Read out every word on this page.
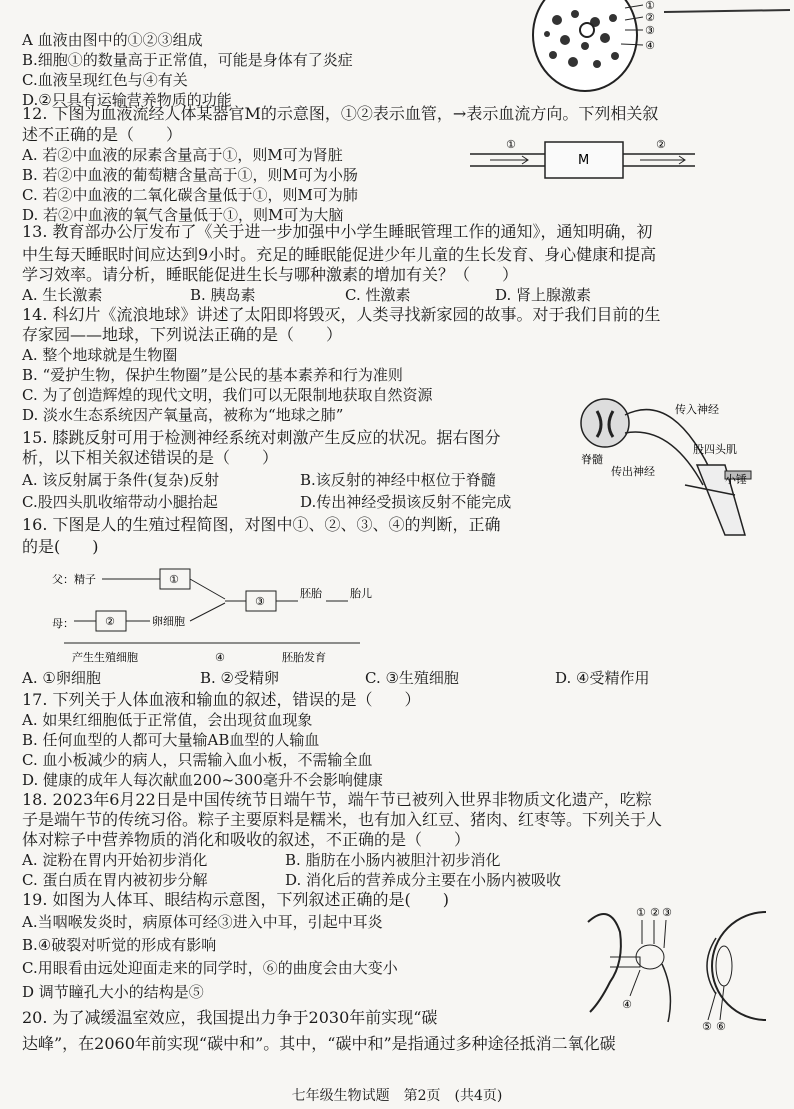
A 血液由图中的①②③组成
B.细胞①的数量高于正常值，可能是身体有了炎症
C.血液呈现红色与④有关
D.②只具有运输营养物质的功能
①
②
③
④
12. 下图为血液流经人体某器官M的示意图，①②表示血管，→表示血流方向。下列相关叙
述不正确的是（　　）
A. 若②中血液的尿素含量高于①，则M可为肾脏
B. 若②中血液的葡萄糖含量高于①，则M可为小肠
C. 若②中血液的二氧化碳含量低于①，则M可为肺
D. 若②中血液的氧气含量低于①，则M可为大脑
①
M
②
13. 教育部办公厅发布了《关于进一步加强中小学生睡眠管理工作的通知》，通知明确，初
中生每天睡眠时间应达到9小时。充足的睡眠能促进少年儿童的生长发育、身心健康和提高
学习效率。请分析，睡眠能促进生长与哪种激素的增加有关？（　　）
A. 生长激素	B. 胰岛素	C. 性激素	D. 肾上腺激素
14. 科幻片《流浪地球》讲述了太阳即将毁灭，人类寻找新家园的故事。对于我们目前的生
存家园——地球，下列说法正确的是（　　）
A. 整个地球就是生物圈
B. “爱护生物，保护生物圈”是公民的基本素养和行为准则
C. 为了创造辉煌的现代文明，我们可以无限制地获取自然资源
D. 淡水生态系统因产氧量高，被称为“地球之肺”
15. 膝跳反射可用于检测神经系统对刺激产生反应的状况。据右图分
析，以下相关叙述错误的是（　　）
A. 该反射属于条件(复杂)反射	B.该反射的神经中枢位于脊髓
C.股四头肌收缩带动小腿抬起	D.传出神经受损该反射不能完成
传入神经
脊髓
传出神经
股四头肌
小锤
16. 下图是人的生殖过程简图，对图中①、②、③、④的判断，正确
的是(　　)
父： 精子	①
母：	②	卵细胞
③
胚胎	胎儿
产生生殖细胞	④	胚胎发育
A. ①卵细胞	B. ②受精卵	C. ③生殖细胞	D. ④受精作用
17. 下列关于人体血液和输血的叙述，错误的是（　　）
A. 如果红细胞低于正常值，会出现贫血现象
B. 任何血型的人都可大量输AB血型的人输血
C. 血小板减少的病人，只需输入血小板，不需输全血
D. 健康的成年人每次献血200~300毫升不会影响健康
18. 2023年6月22日是中国传统节日端午节，端午节已被列入世界非物质文化遗产，吃粽
子是端午节的传统习俗。粽子主要原料是糯米，也有加入红豆、猪肉、红枣等。下列关于人
体对粽子中营养物质的消化和吸收的叙述，不正确的是（　　）
A. 淀粉在胃内开始初步消化	B. 脂肪在小肠内被胆汁初步消化
C. 蛋白质在胃内被初步分解	D. 消化后的营养成分主要在小肠内被吸收
19. 如图为人体耳、眼结构示意图，下列叙述正确的是(　　)
A.当咽喉发炎时，病原体可经③进入中耳，引起中耳炎
B.④破裂对听觉的形成有影响
C.用眼看由远处迎面走来的同学时，⑥的曲度会由大变小
D 调节瞳孔大小的结构是⑤
① ② ③
④
⑤ ⑥
20. 为了减缓温室效应，我国提出力争于2030年前实现“碳
达峰”，在2060年前实现“碳中和”。其中，“碳中和”是指通过多种途径抵消二氧化碳
七年级生物试题　第2页　(共4页)
